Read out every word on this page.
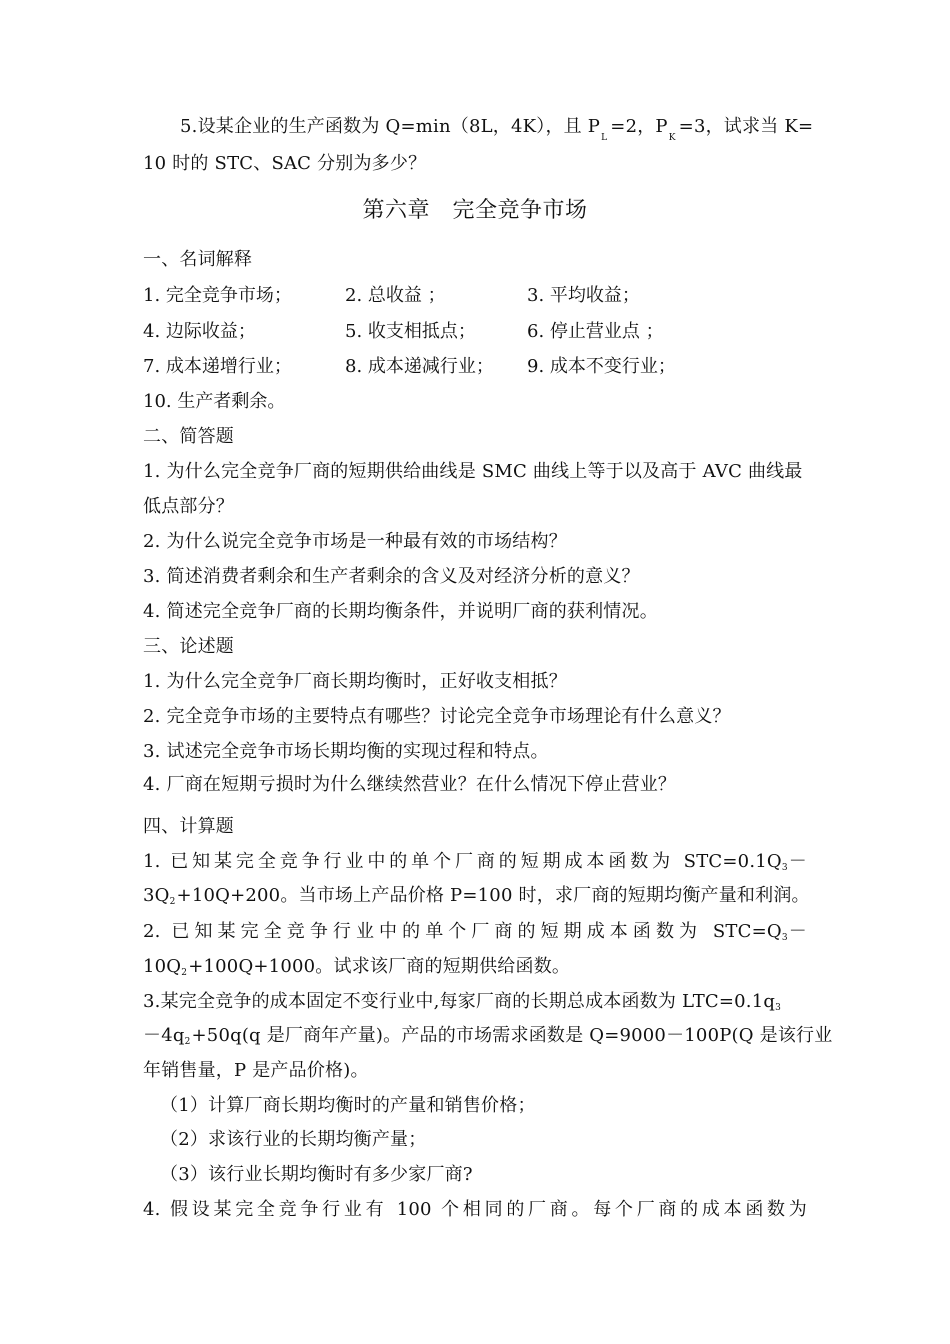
5.设某企业的生产函数为 Q=min（8L，4K），且 $P_L=2$，$P_K=3$，试求当 K=
10 时的 STC、SAC 分别为多少？
第六章　完全竞争市场
一、名词解释
1. 完全竞争市场；	2. 总收益 ；	3. 平均收益；
4. 边际收益；	5. 收支相抵点；	6. 停止营业点 ；
7. 成本递增行业；	8. 成本递减行业； 9. 成本不变行业；
10. 生产者剩余。
二、简答题
1. 为什么完全竞争厂商的短期供给曲线是 SMC 曲线上等于以及高于 AVC 曲线最
低点部分？
2. 为什么说完全竞争市场是一种最有效的市场结构？
3. 简述消费者剩余和生产者剩余的含义及对经济分析的意义？
4. 简述完全竞争厂商的长期均衡条件，并说明厂商的获利情况。
三、论述题
1. 为什么完全竞争厂商长期均衡时，正好收支相抵？
2. 完全竞争市场的主要特点有哪些？讨论完全竞争市场理论有什么意义？
3. 试述完全竞争市场长期均衡的实现过程和特点。
4. 厂商在短期亏损时为什么继续然营业？在什么情况下停止营业？
四、计算题
1. 已知某完全竞争行业中的单个厂商的短期成本函数为 $STC=0.1Q_3-$
$3Q_2+10Q+200$。当市场上产品价格 P=100 时，求厂商的短期均衡产量和利润。
2. 已知某完全竞争行业中的单个厂商的短期成本函数为 $STC=Q_3-$
$10Q_2+100Q+1000$。试求该厂商的短期供给函数。
3.某完全竞争的成本固定不变行业中,每家厂商的长期总成本函数为 $LTC=0.1q_3$
$-4q_2+50q(q$ 是厂商年产量)。产品的市场需求函数是 Q=9000－100P(Q 是该行业
年销售量，P 是产品价格)。
（1）计算厂商长期均衡时的产量和销售价格；
（2）求该行业的长期均衡产量；
（3）该行业长期均衡时有多少家厂商?
4. 假设某完全竞争行业有 100 个相同的厂商。每个厂商的成本函数为
